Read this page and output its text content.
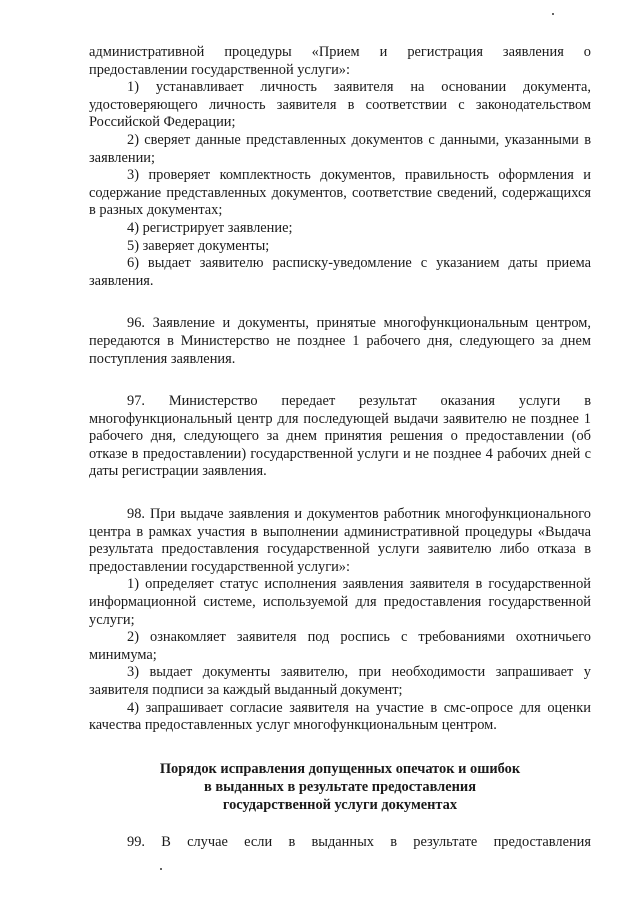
административной процедуры «Прием и регистрация заявления о предоставлении государственной услуги»:

1) устанавливает личность заявителя на основании документа, удостоверяющего личность заявителя в соответствии с законодательством Российской Федерации;

2) сверяет данные представленных документов с данными, указанными в заявлении;

3) проверяет комплектность документов, правильность оформления и содержание представленных документов, соответствие сведений, содержащихся в разных документах;

4) регистрирует заявление;

5) заверяет документы;

6) выдает заявителю расписку-уведомление с указанием даты приема заявления.

96. Заявление и документы, принятые многофункциональным центром, передаются в Министерство не позднее 1 рабочего дня, следующего за днем поступления заявления.

97. Министерство передает результат оказания услуги в многофункциональный центр для последующей выдачи заявителю не позднее 1 рабочего дня, следующего за днем принятия решения о предоставлении (об отказе в предоставлении) государственной услуги и не позднее 4 рабочих дней с даты регистрации заявления.

98. При выдаче заявления и документов работник многофункционального центра в рамках участия в выполнении административной процедуры «Выдача результата предоставления государственной услуги заявителю либо отказа в предоставлении государственной услуги»:

1) определяет статус исполнения заявления заявителя в государственной информационной системе, используемой для предоставления государственной услуги;

2) ознакомляет заявителя под роспись с требованиями охотничьего минимума;

3) выдает документы заявителю, при необходимости запрашивает у заявителя подписи за каждый выданный документ;

4) запрашивает согласие заявителя на участие в смс-опросе для оценки качества предоставленных услуг многофункциональным центром.

Порядок исправления допущенных опечаток и ошибок
в выданных в результате предоставления
государственной услуги документах

99. В случае если в выданных в результате предоставления
